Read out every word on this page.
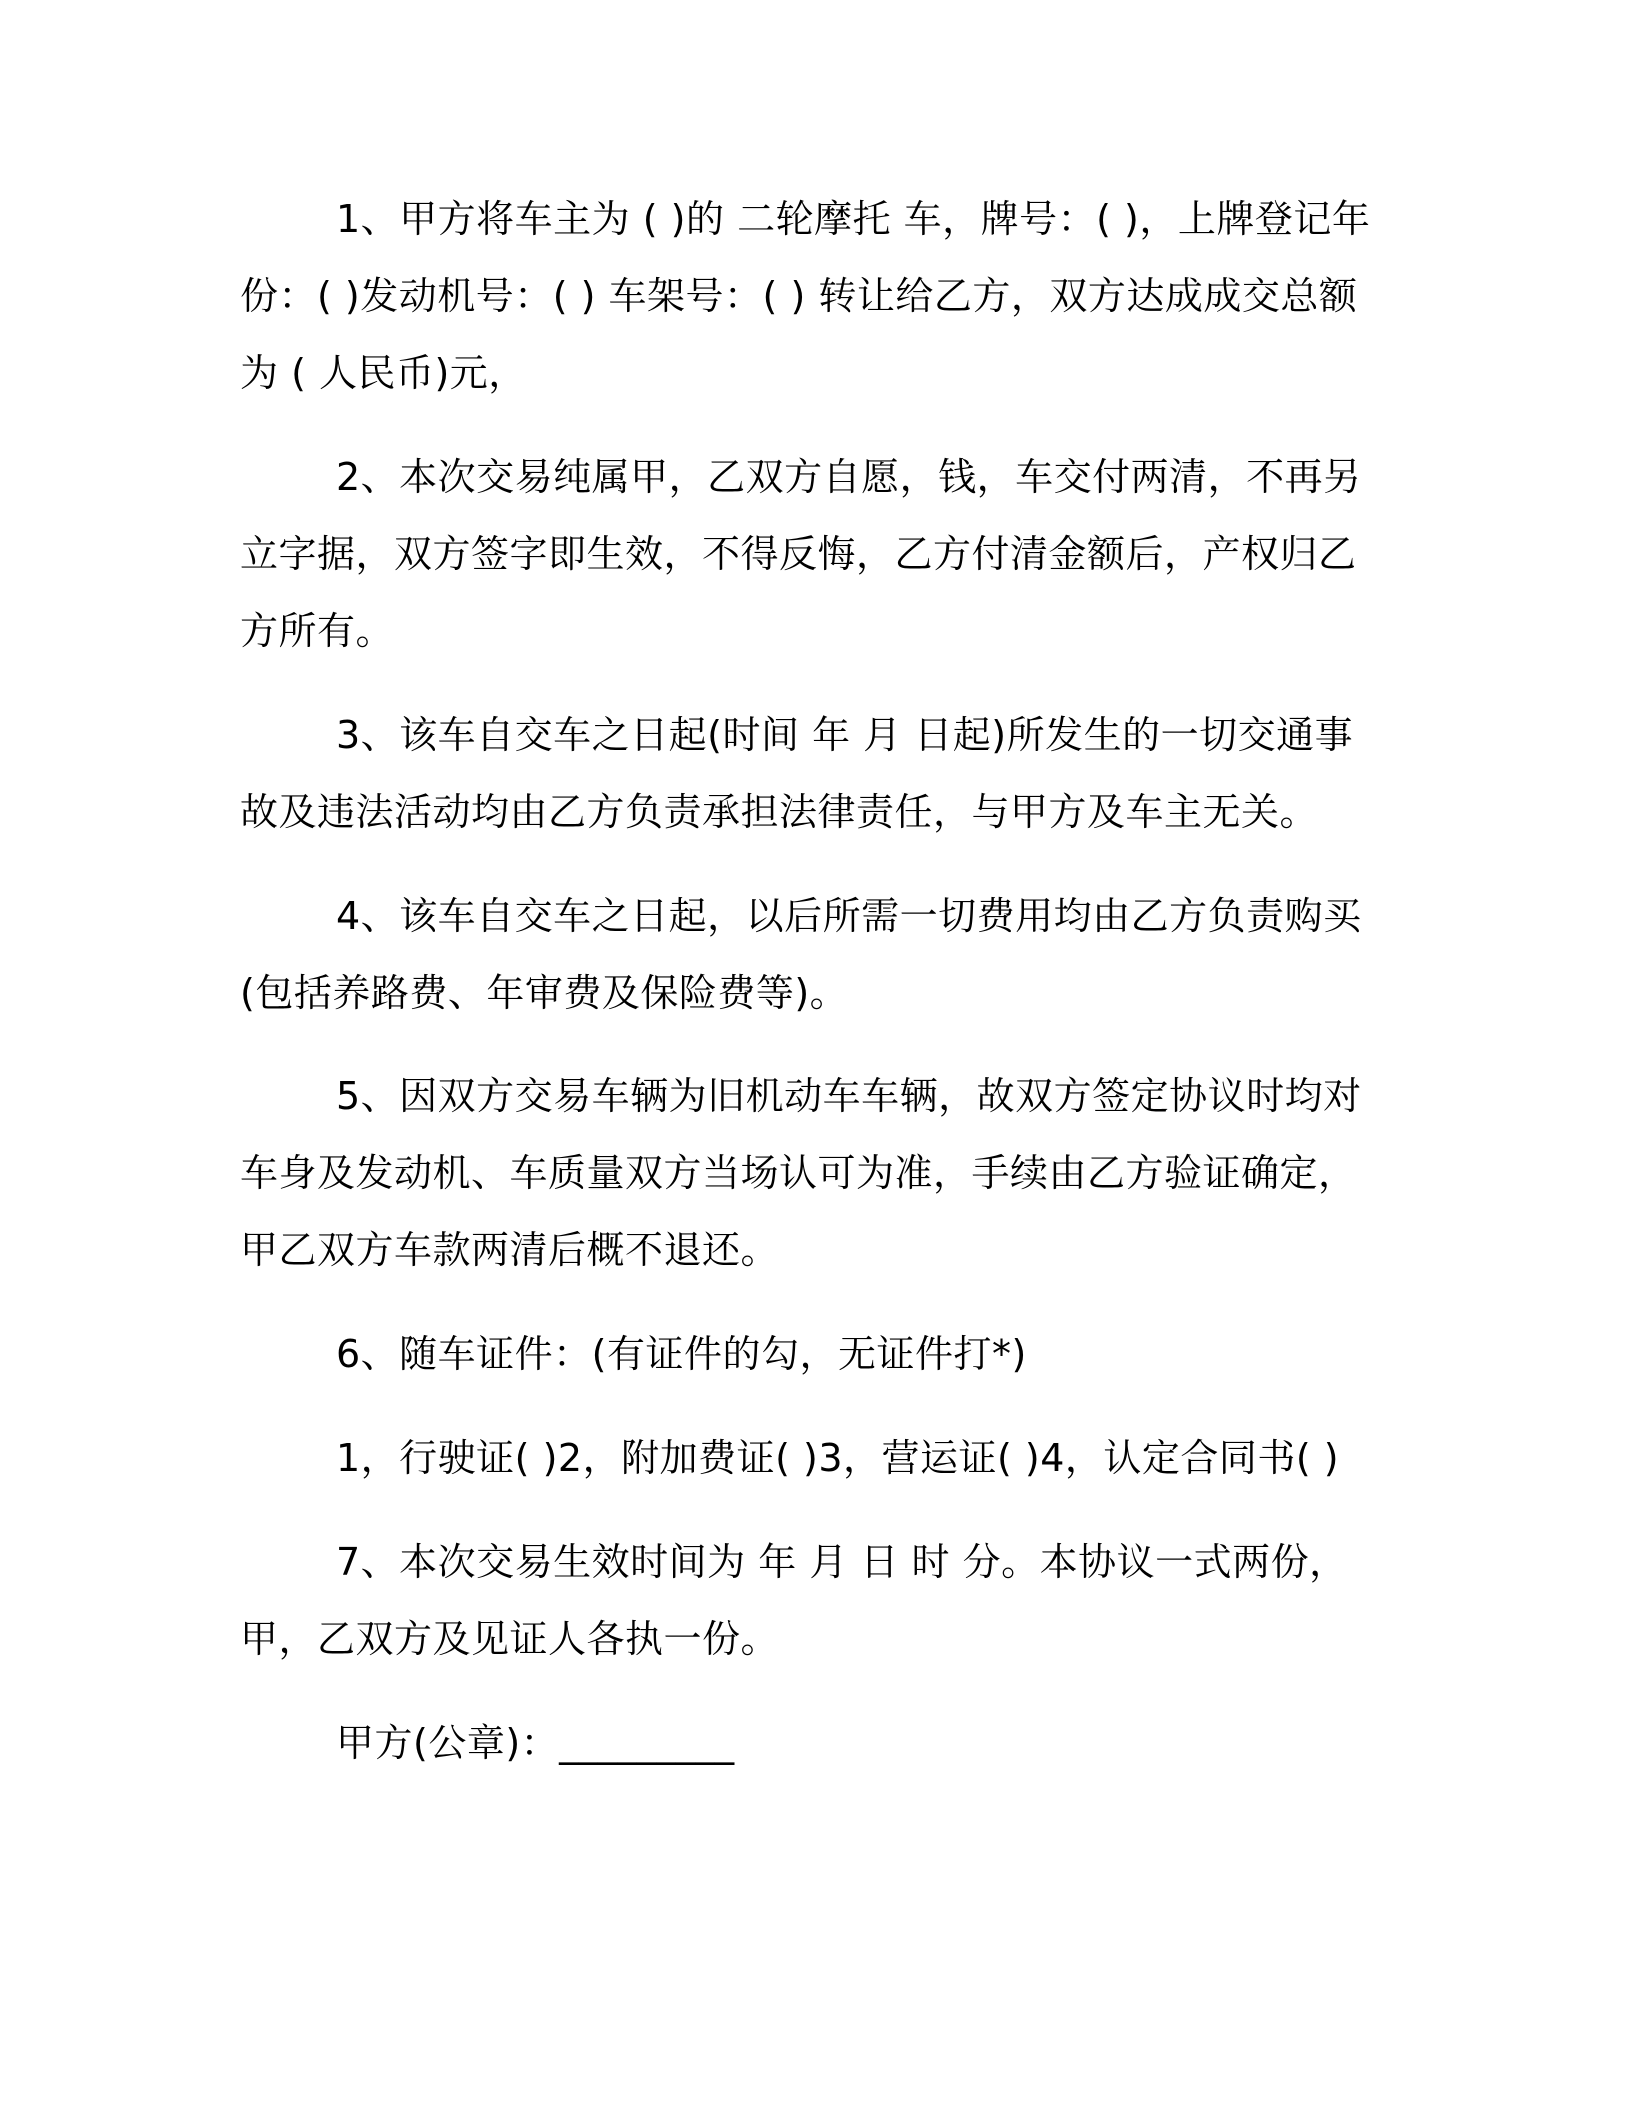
1、甲方将车主为 ( )的 二轮摩托 车，牌号：( )，上牌登记年份：( )发动机号：( ) 车架号：( ) 转让给乙方，双方达成成交总额为 ( 人民币)元，

2、本次交易纯属甲，乙双方自愿，钱，车交付两清，不再另立字据，双方签字即生效，不得反悔，乙方付清金额后，产权归乙方所有。

3、该车自交车之日起(时间 年 月 日起)所发生的一切交通事故及违法活动均由乙方负责承担法律责任，与甲方及车主无关。

4、该车自交车之日起，以后所需一切费用均由乙方负责购买(包括养路费、年审费及保险费等)。

5、因双方交易车辆为旧机动车车辆，故双方签定协议时均对车身及发动机、车质量双方当场认可为准，手续由乙方验证确定，甲乙双方车款两清后概不退还。

6、随车证件：(有证件的勾，无证件打*)

1，行驶证( )2，附加费证( )3，营运证( )4，认定合同书( )

7、本次交易生效时间为 年 月 日 时 分。本协议一式两份，甲，乙双方及见证人各执一份。

甲方(公章)：_________
